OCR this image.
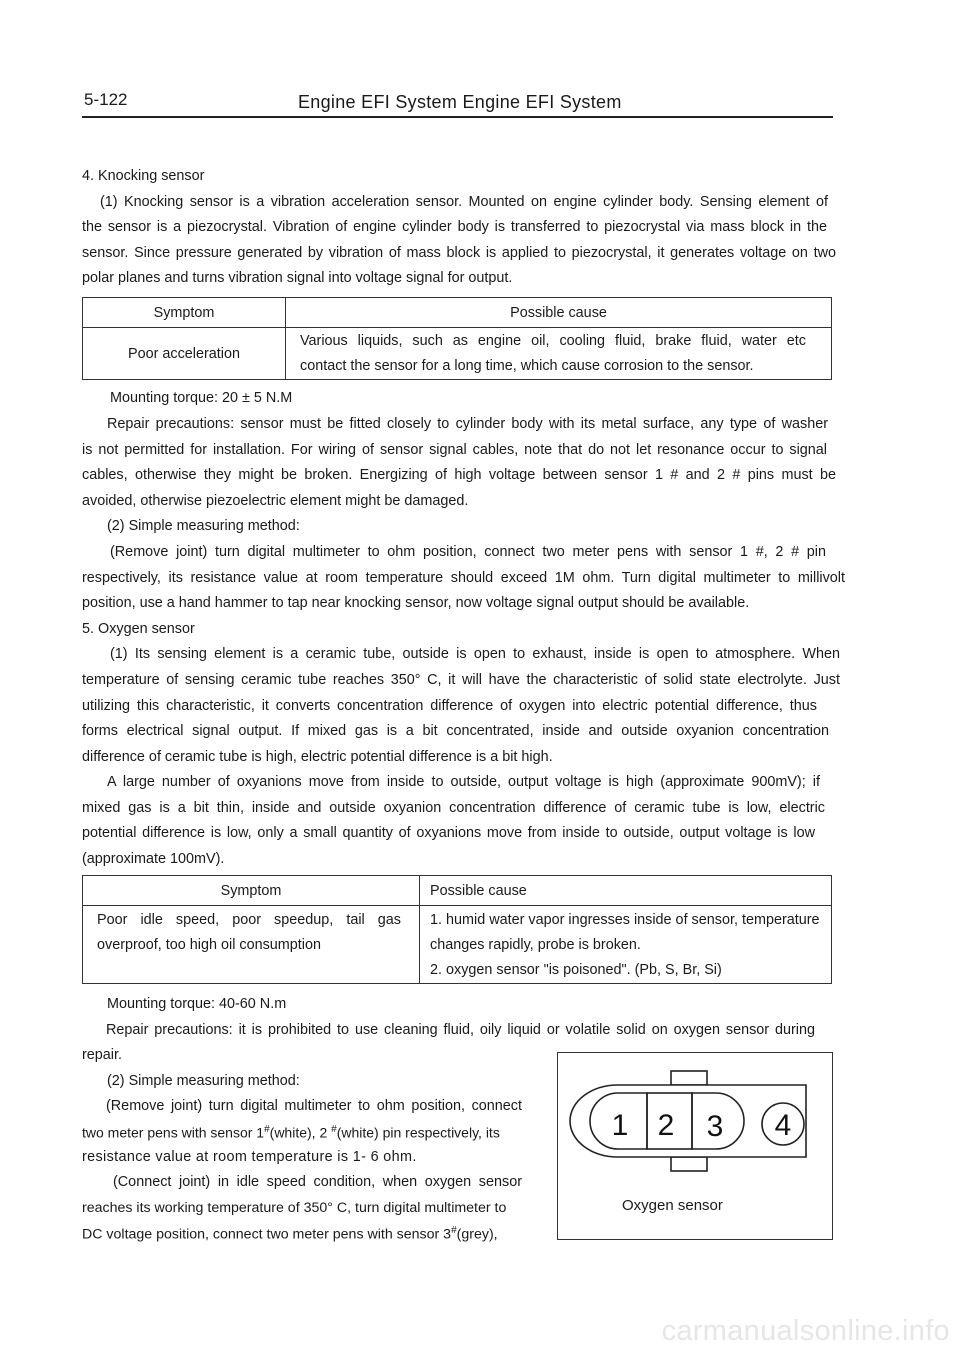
5-122	Engine EFI System Engine EFI System
4. Knocking sensor
(1) Knocking sensor is a vibration acceleration sensor. Mounted on engine cylinder body. Sensing element of
the sensor is a piezocrystal. Vibration of engine cylinder body is transferred to piezocrystal via mass block in the
sensor. Since pressure generated by vibration of mass block is applied to piezocrystal, it generates voltage on two
polar planes and turns vibration signal into voltage signal for output.
Symptom	Possible cause
Poor acceleration	Various liquids, such as engine oil, cooling fluid, brake fluid, water etc
contact the sensor for a long time, which cause corrosion to the sensor.
Mounting torque: 20 ± 5 N.M
Repair precautions: sensor must be fitted closely to cylinder body with its metal surface, any type of washer
is not permitted for installation. For wiring of sensor signal cables, note that do not let resonance occur to signal
cables, otherwise they might be broken. Energizing of high voltage between sensor 1 # and 2 # pins must be
avoided, otherwise piezoelectric element might be damaged.
(2) Simple measuring method:
(Remove joint) turn digital multimeter to ohm position, connect two meter pens with sensor 1 #, 2 # pin
respectively, its resistance value at room temperature should exceed 1M ohm. Turn digital multimeter to millivolt
position, use a hand hammer to tap near knocking sensor, now voltage signal output should be available.
5. Oxygen sensor
(1) Its sensing element is a ceramic tube, outside is open to exhaust, inside is open to atmosphere. When
temperature of sensing ceramic tube reaches 350° C, it will have the characteristic of solid state electrolyte. Just
utilizing this characteristic, it converts concentration difference of oxygen into electric potential difference, thus
forms electrical signal output. If mixed gas is a bit concentrated, inside and outside oxyanion concentration
difference of ceramic tube is high, electric potential difference is a bit high.
A large number of oxyanions move from inside to outside, output voltage is high (approximate 900mV); if
mixed gas is a bit thin, inside and outside oxyanion concentration difference of ceramic tube is low, electric
potential difference is low, only a small quantity of oxyanions move from inside to outside, output voltage is low
(approximate 100mV).
Symptom	Possible cause

Poor idle speed, poor speedup, tail gas
overproof, too high oil consumption	1. humid water vapor ingresses inside of sensor, temperature
changes rapidly, probe is broken.
2. oxygen sensor "is poisoned". (Pb, S, Br, Si)
Mounting torque: 40-60 N.m
Repair precautions: it is prohibited to use cleaning fluid, oily liquid or volatile solid on oxygen sensor during
repair.
(2) Simple measuring method:
(Remove joint) turn digital multimeter to ohm position, connect
two meter pens with sensor 1#(white), 2 #(white) pin respectively, its
resistance value at room temperature is 1- 6 ohm.
(Connect joint) in idle speed condition, when oxygen sensor
reaches its working temperature of 350° C, turn digital multimeter to
DC voltage position, connect two meter pens with sensor 3#(grey),
1 2 3 4
Oxygen sensor
carmanualsonline.info
